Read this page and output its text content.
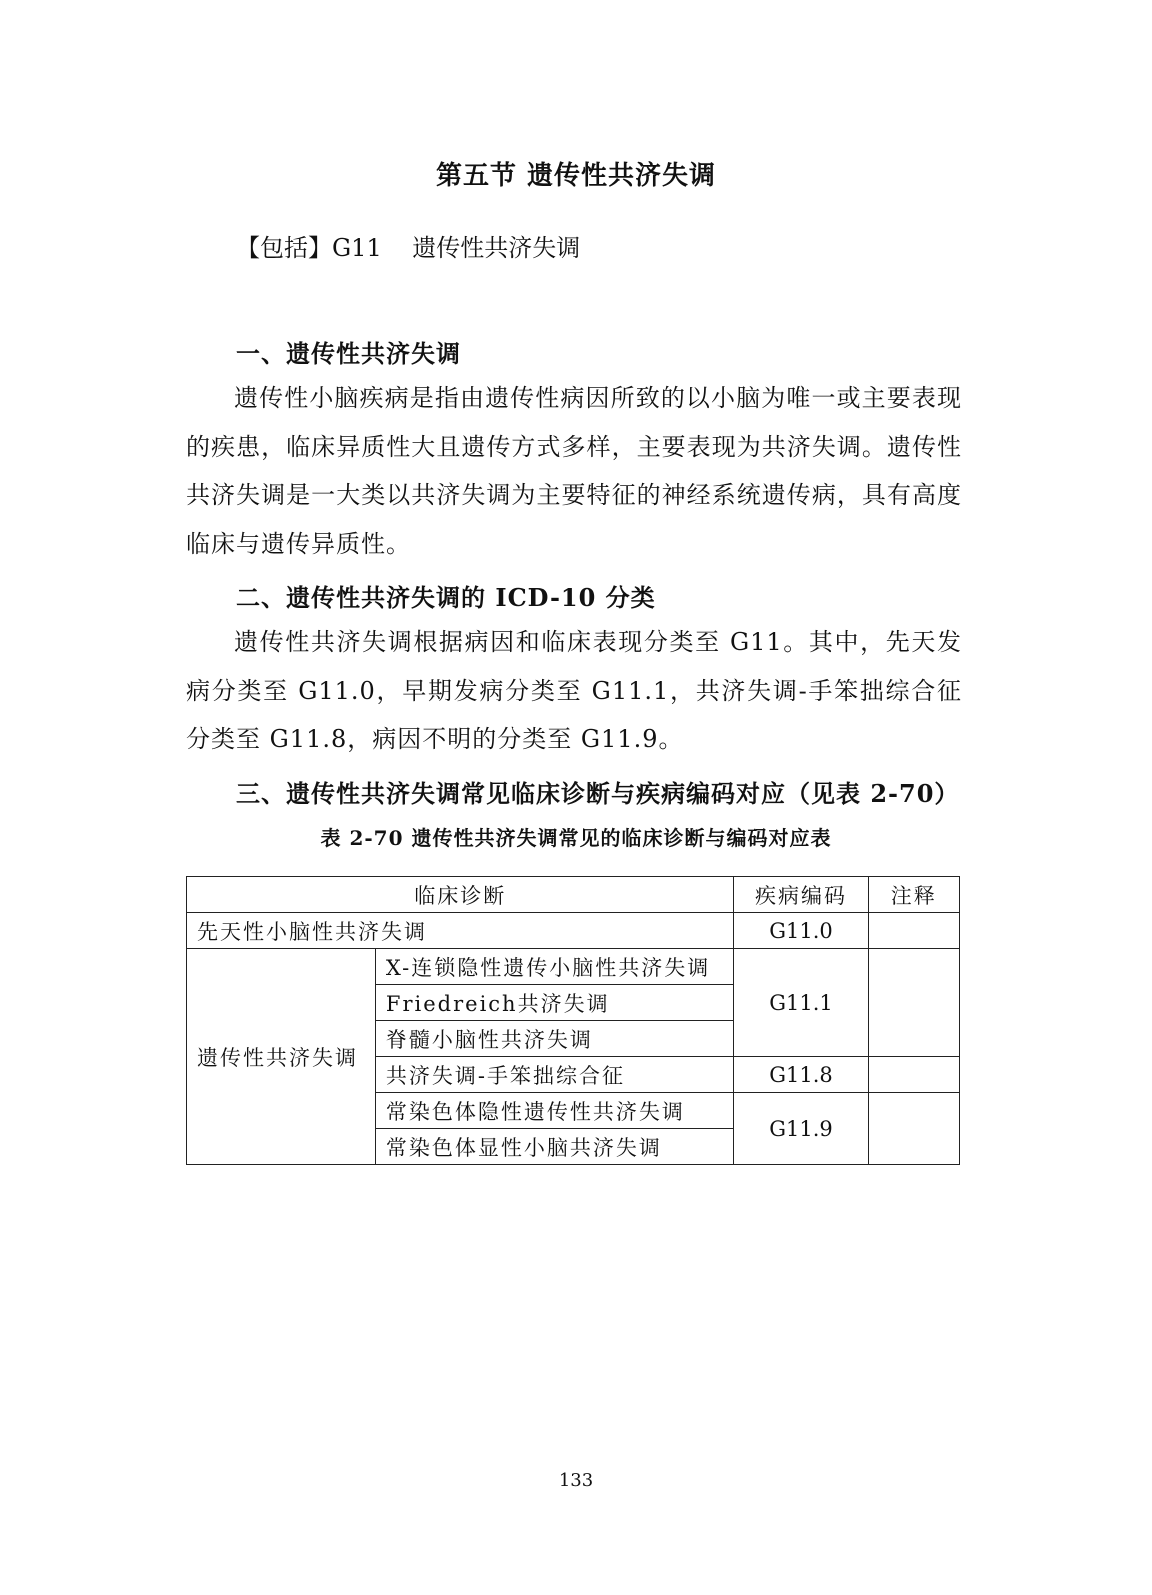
第五节 遗传性共济失调
【包括】G11    遗传性共济失调
一、遗传性共济失调
遗传性小脑疾病是指由遗传性病因所致的以小脑为唯一或主要表现的疾患，临床异质性大且遗传方式多样，主要表现为共济失调。遗传性共济失调是一大类以共济失调为主要特征的神经系统遗传病，具有高度临床与遗传异质性。
二、遗传性共济失调的 ICD-10 分类
遗传性共济失调根据病因和临床表现分类至 G11。其中，先天发病分类至 G11.0，早期发病分类至 G11.1，共济失调-手笨拙综合征分类至 G11.8，病因不明的分类至 G11.9。
三、遗传性共济失调常见临床诊断与疾病编码对应（见表 2-70）
表 2-70 遗传性共济失调常见的临床诊断与编码对应表
临床诊断		疾病编码	注释
先天性小脑性共济失调		G11.0	
遗传性共济失调	X-连锁隐性遗传小脑性共济失调	G11.1	
	Friedreich共济失调		
	脊髓小脑性共济失调		
	共济失调-手笨拙综合征	G11.8	
	常染色体隐性遗传性共济失调	G11.9	
	常染色体显性小脑共济失调		
133
